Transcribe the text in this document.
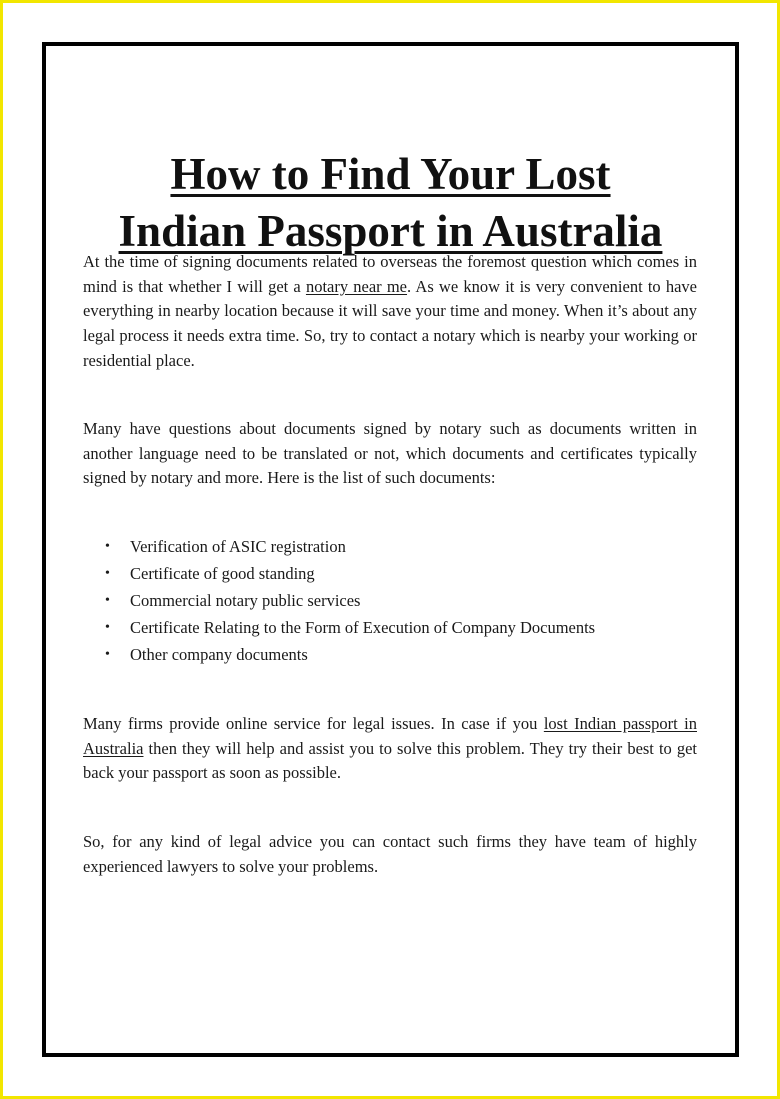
How to Find Your Lost
Indian Passport in Australia

At the time of signing documents related to overseas the foremost question which comes in mind is that whether I will get a notary near me. As we know it is very convenient to have everything in nearby location because it will save your time and money. When it’s about any legal process it needs extra time. So, try to contact a notary which is nearby your working or residential place.

Many have questions about documents signed by notary such as documents written in another language need to be translated or not, which documents and certificates typically signed by notary and more. Here is the list of such documents:

• Verification of ASIC registration
• Certificate of good standing
• Commercial notary public services
• Certificate Relating to the Form of Execution of Company Documents
• Other company documents

Many firms provide online service for legal issues. In case if you lost Indian passport in Australia then they will help and assist you to solve this problem. They try their best to get back your passport as soon as possible.

So, for any kind of legal advice you can contact such firms they have team of highly experienced lawyers to solve your problems.
